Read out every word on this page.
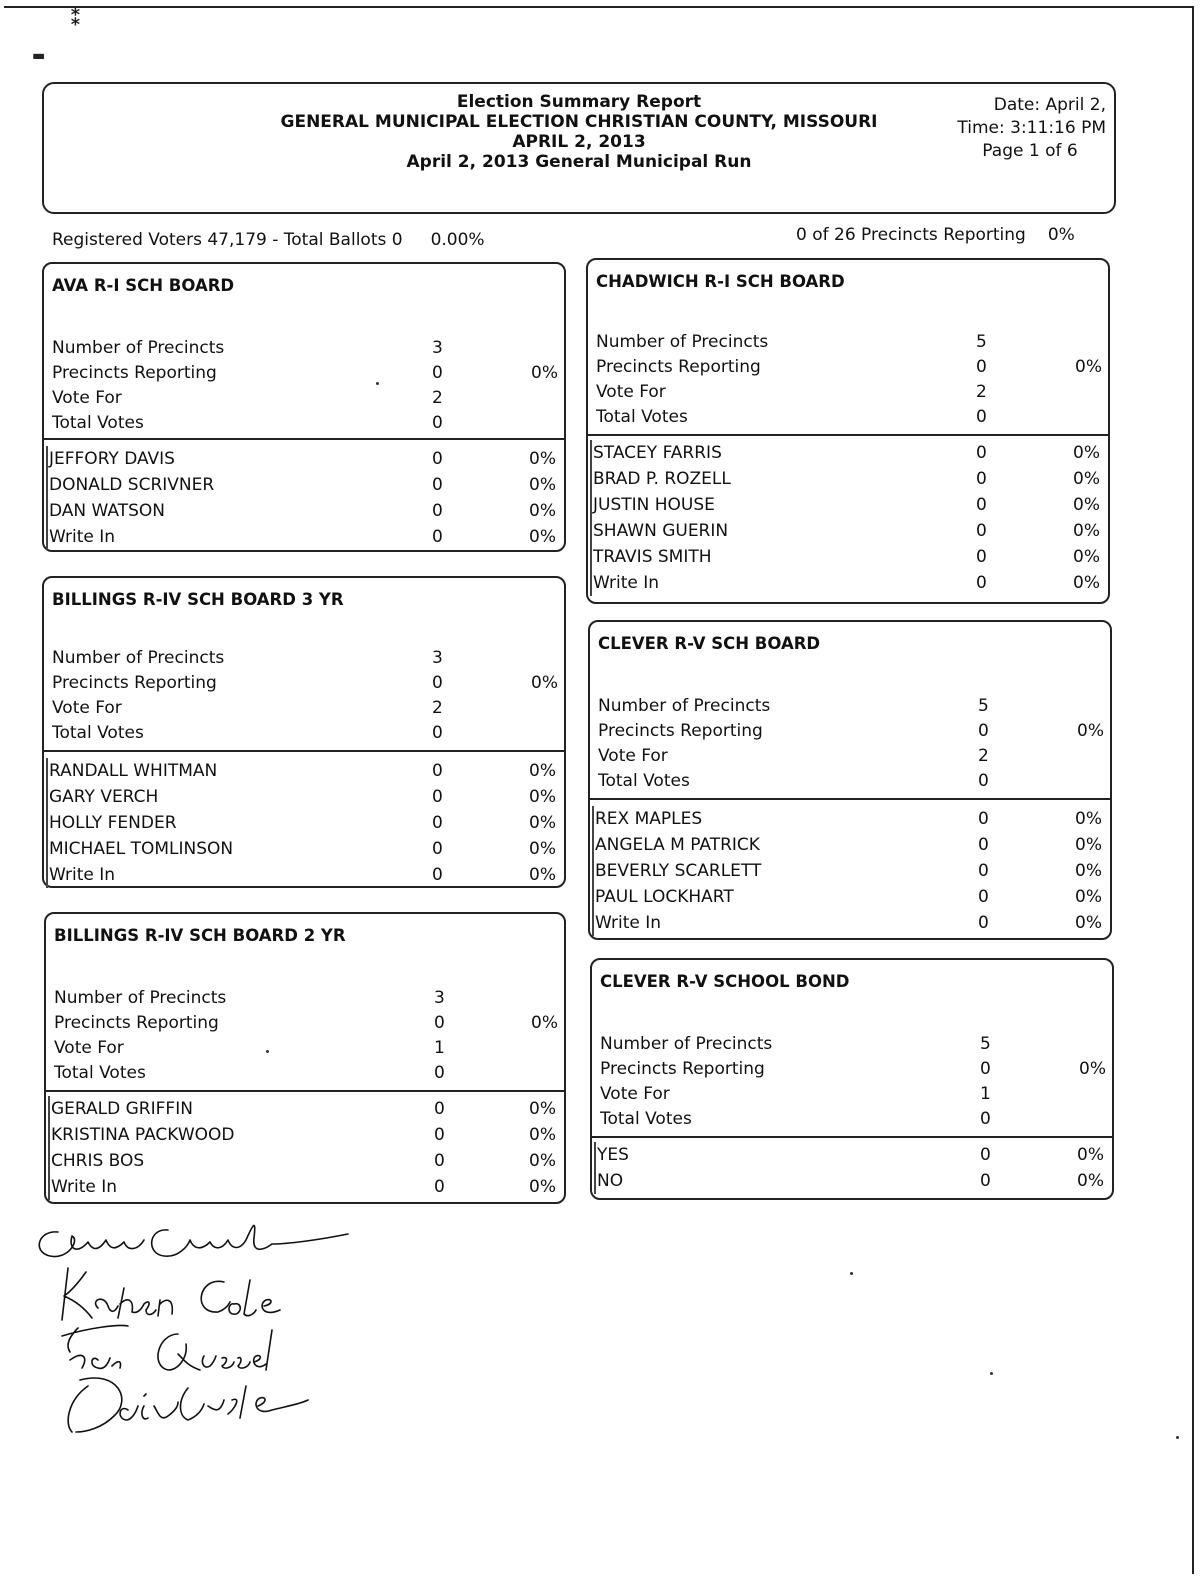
⁑
▬
Election Summary Report
GENERAL MUNICIPAL ELECTION CHRISTIAN COUNTY, MISSOURI
APRIL 2, 2013
April 2, 2013 General Municipal Run
Date: April 2,
Time: 3:11:16 PM
Page 1 of 6
Registered Voters 47,179 - Total Ballots 0 0.00%	0 of 26 Precincts Reporting 0%
AVA R-I SCH BOARD
Number of Precincts	3
Precincts Reporting	0	0%
Vote For	2
Total Votes	0
JEFFORY DAVIS	0	0%
DONALD SCRIVNER	0	0%
DAN WATSON	0	0%
Write In	0	0%
BILLINGS R-IV SCH BOARD 3 YR
Number of Precincts	3
Precincts Reporting	0	0%
Vote For	2
Total Votes	0
RANDALL WHITMAN	0	0%
GARY VERCH	0	0%
HOLLY FENDER	0	0%
MICHAEL TOMLINSON	0	0%
Write In	0	0%
BILLINGS R-IV SCH BOARD 2 YR
Number of Precincts	3
Precincts Reporting	0	0%
Vote For	1
Total Votes	0
GERALD GRIFFIN	0	0%
KRISTINA PACKWOOD	0	0%
CHRIS BOS	0	0%
Write In	0	0%
CHADWICH R-I SCH BOARD
Number of Precincts	5
Precincts Reporting	0	0%
Vote For	2
Total Votes	0
STACEY FARRIS	0	0%
BRAD P. ROZELL	0	0%
JUSTIN HOUSE	0	0%
SHAWN GUERIN	0	0%
TRAVIS SMITH	0	0%
Write In	0	0%
CLEVER R-V SCH BOARD
Number of Precincts	5
Precincts Reporting	0	0%
Vote For	2
Total Votes	0
REX MAPLES	0	0%
ANGELA M PATRICK	0	0%
BEVERLY SCARLETT	0	0%
PAUL LOCKHART	0	0%
Write In	0	0%
CLEVER R-V SCHOOL BOND
Number of Precincts	5
Precincts Reporting	0	0%
Vote For	1
Total Votes	0
YES	0	0%
NO	0	0%
